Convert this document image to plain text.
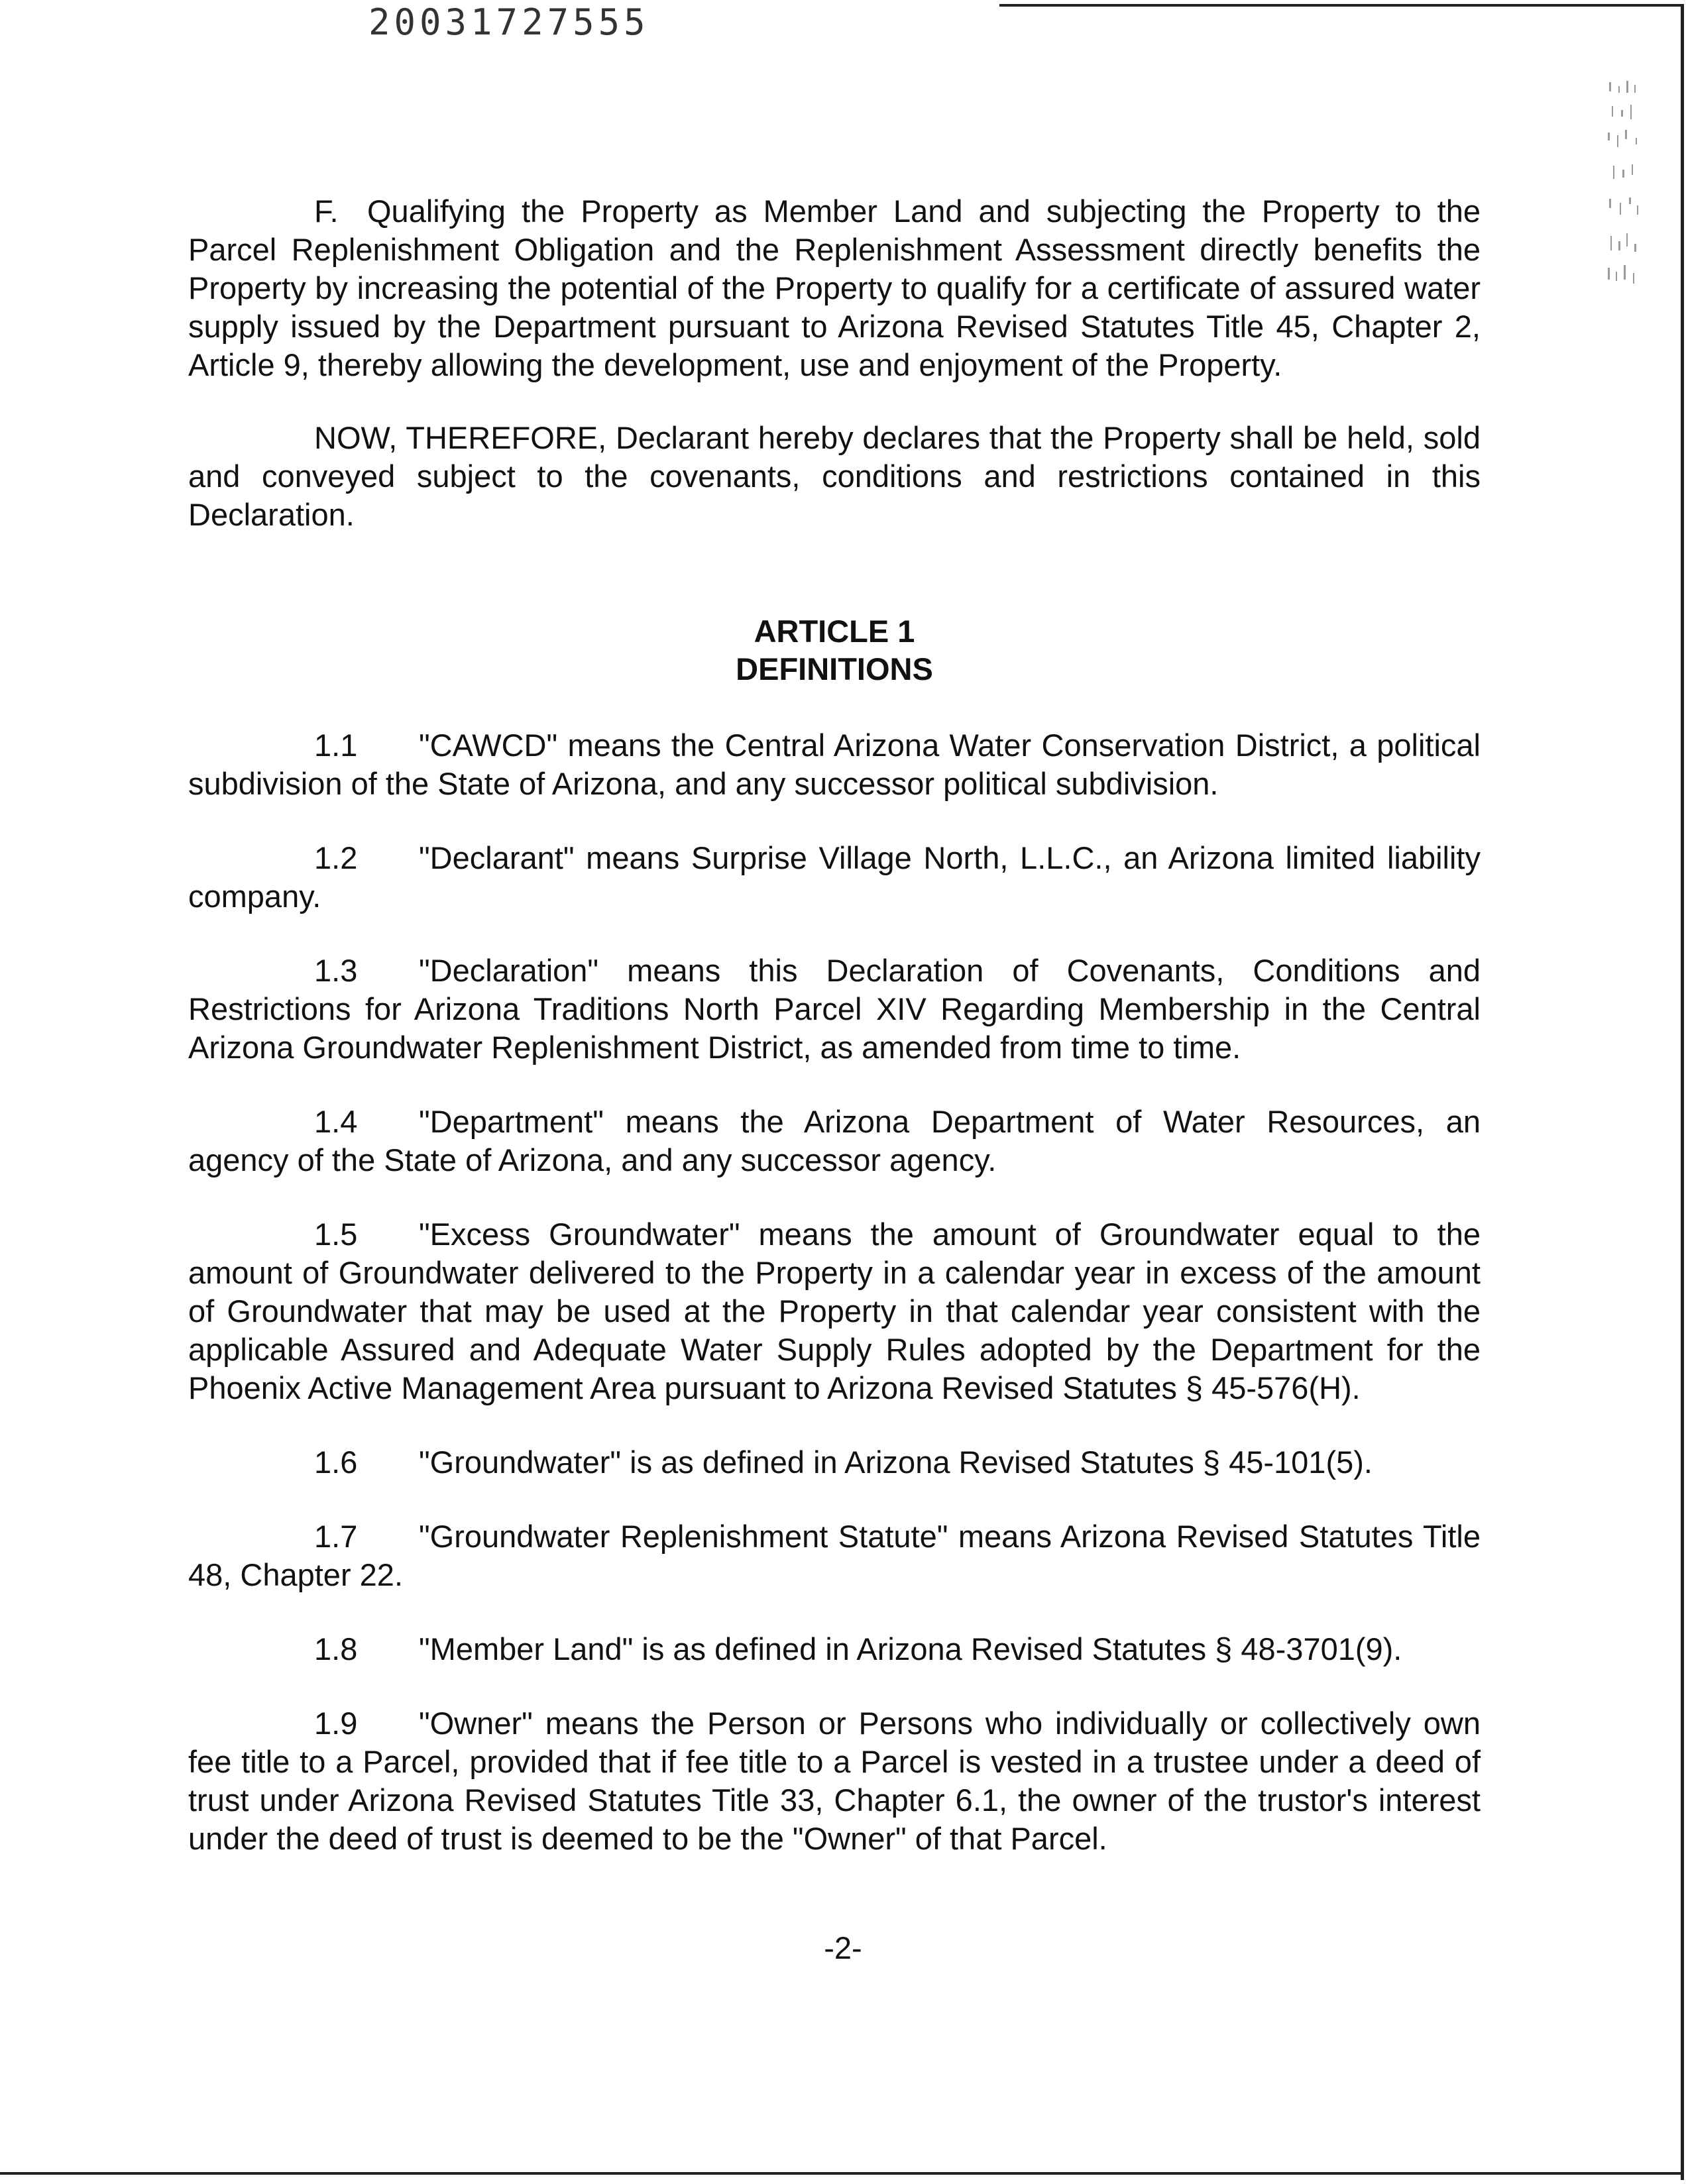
20031727555

F. Qualifying the Property as Member Land and subjecting the Property to the Parcel Replenishment Obligation and the Replenishment Assessment directly benefits the Property by increasing the potential of the Property to qualify for a certificate of assured water supply issued by the Department pursuant to Arizona Revised Statutes Title 45, Chapter 2, Article 9, thereby allowing the development, use and enjoyment of the Property.

NOW, THEREFORE, Declarant hereby declares that the Property shall be held, sold and conveyed subject to the covenants, conditions and restrictions contained in this Declaration.

ARTICLE 1
DEFINITIONS

1.1 "CAWCD" means the Central Arizona Water Conservation District, a political subdivision of the State of Arizona, and any successor political subdivision.

1.2 "Declarant" means Surprise Village North, L.L.C., an Arizona limited liability company.

1.3 "Declaration" means this Declaration of Covenants, Conditions and Restrictions for Arizona Traditions North Parcel XIV Regarding Membership in the Central Arizona Groundwater Replenishment District, as amended from time to time.

1.4 "Department" means the Arizona Department of Water Resources, an agency of the State of Arizona, and any successor agency.

1.5 "Excess Groundwater" means the amount of Groundwater equal to the amount of Groundwater delivered to the Property in a calendar year in excess of the amount of Groundwater that may be used at the Property in that calendar year consistent with the applicable Assured and Adequate Water Supply Rules adopted by the Department for the Phoenix Active Management Area pursuant to Arizona Revised Statutes § 45-576(H).

1.6 "Groundwater" is as defined in Arizona Revised Statutes § 45-101(5).

1.7 "Groundwater Replenishment Statute" means Arizona Revised Statutes Title 48, Chapter 22.

1.8 "Member Land" is as defined in Arizona Revised Statutes § 48-3701(9).

1.9 "Owner" means the Person or Persons who individually or collectively own fee title to a Parcel, provided that if fee title to a Parcel is vested in a trustee under a deed of trust under Arizona Revised Statutes Title 33, Chapter 6.1, the owner of the trustor's interest under the deed of trust is deemed to be the "Owner" of that Parcel.

-2-
